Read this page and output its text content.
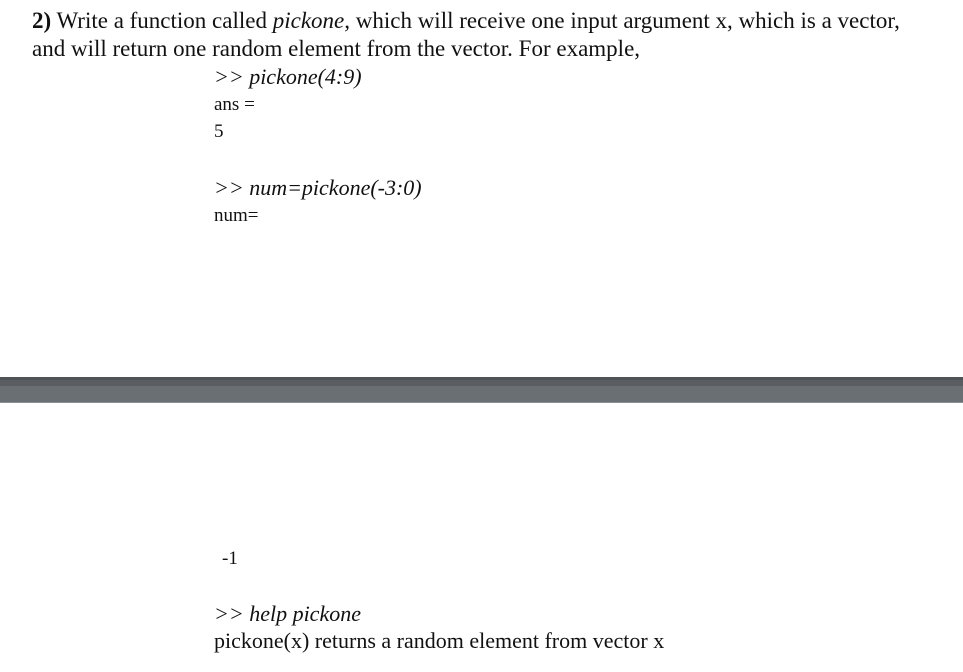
2) Write a function called pickone, which will receive one input argument x, which is a vector,
and will return one random element from the vector. For example,
>> pickone(4:9)
ans =
5
>> num=pickone(-3:0)
num=
-1
>> help pickone
pickone(x) returns a random element from vector x
